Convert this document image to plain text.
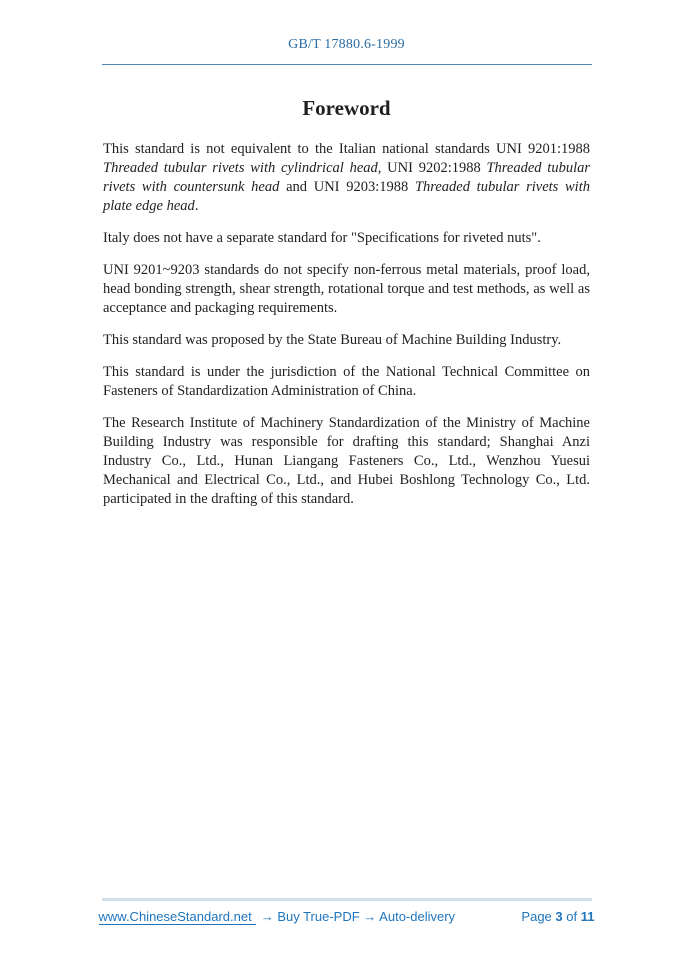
GB/T 17880.6-1999
Foreword

This standard is not equivalent to the Italian national standards UNI 9201:1988 Threaded tubular rivets with cylindrical head, UNI 9202:1988 Threaded tubular rivets with countersunk head and UNI 9203:1988 Threaded tubular rivets with plate edge head.

Italy does not have a separate standard for "Specifications for riveted nuts".

UNI 9201~9203 standards do not specify non-ferrous metal materials, proof load, head bonding strength, shear strength, rotational torque and test methods, as well as acceptance and packaging requirements.

This standard was proposed by the State Bureau of Machine Building Industry.

This standard is under the jurisdiction of the National Technical Committee on Fasteners of Standardization Administration of China.

The Research Institute of Machinery Standardization of the Ministry of Machine Building Industry was responsible for drafting this standard; Shanghai Anzi Industry Co., Ltd., Hunan Liangang Fasteners Co., Ltd., Wenzhou Yuesui Mechanical and Electrical Co., Ltd., and Hubei Boshlong Technology Co., Ltd. participated in the drafting of this standard.

www.ChineseStandard.net → Buy True-PDF → Auto-delivery	Page 3 of 11
